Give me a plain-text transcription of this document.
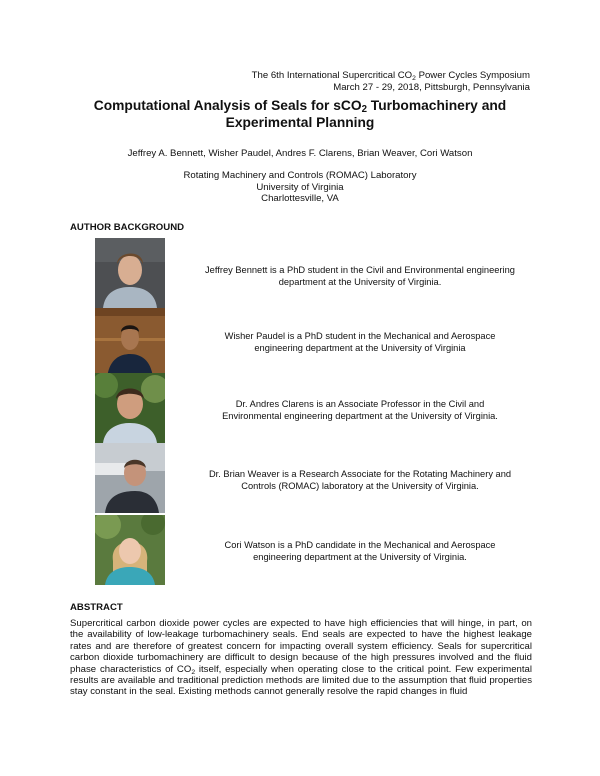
The 6th International Supercritical $CO_2$ Power Cycles Symposium
March 27 - 29, 2018, Pittsburgh, Pennsylvania
Computational Analysis of Seals for sCO$_2$ Turbomachinery and
Experimental Planning
Jeffrey A. Bennett, Wisher Paudel, Andres F. Clarens, Brian Weaver, Cori Watson
Rotating Machinery and Controls (ROMAC) Laboratory
University of Virginia
Charlottesville, VA
AUTHOR BACKGROUND
Jeffrey Bennett is a PhD student in the Civil and Environmental engineering
department at the University of Virginia.
Wisher Paudel is a PhD student in the Mechanical and Aerospace
engineering department at the University of Virginia
Dr. Andres Clarens is an Associate Professor in the Civil and
Environmental engineering department at the University of Virginia.
Dr. Brian Weaver is a Research Associate for the Rotating Machinery and
Controls (ROMAC) laboratory at the University of Virginia.
Cori Watson is a PhD candidate in the Mechanical and Aerospace
engineering department at the University of Virginia.
ABSTRACT
Supercritical carbon dioxide power cycles are expected to have high efficiencies that will hinge, in part, on the availability of low-leakage turbomachinery seals. End seals are expected to have the highest leakage rates and are therefore of greatest concern for impacting overall system efficiency. Seals for supercritical carbon dioxide turbomachinery are difficult to design because of the high pressures involved and the fluid phase characteristics of $CO_2$ itself, especially when operating close to the critical point. Few experimental results are available and traditional prediction methods are limited due to the assumption that fluid properties stay constant in the seal. Existing methods cannot generally resolve the rapid changes in fluid
